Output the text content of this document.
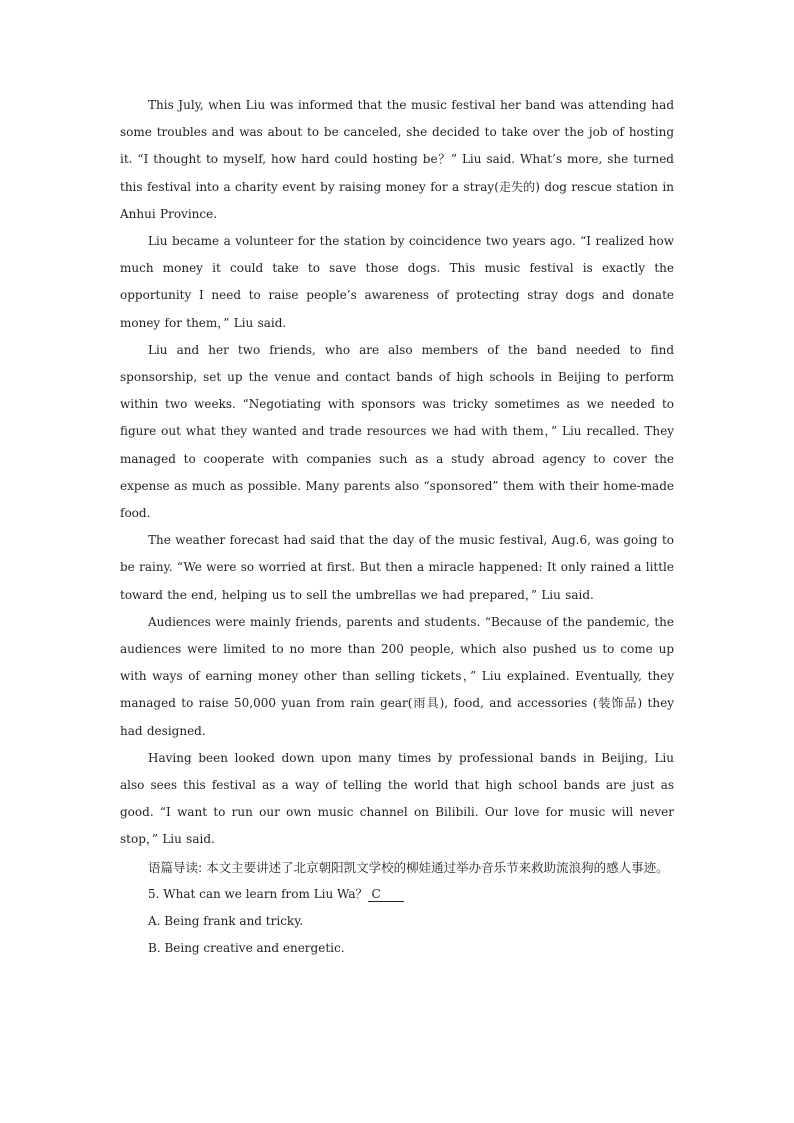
This July, when Liu was informed that the music festival her band was attending had some troubles and was about to be canceled, she decided to take over the job of hosting it. “I thought to myself, how hard could hosting be？” Liu said. What’s more, she turned this festival into a charity event by raising money for a stray(走失的) dog rescue station in Anhui Province.

Liu became a volunteer for the station by coincidence two years ago. “I realized how much money it could take to save those dogs. This music festival is exactly the opportunity I need to raise people’s awareness of protecting stray dogs and donate money for them，” Liu said.

Liu and her two friends, who are also members of the band needed to find sponsorship, set up the venue and contact bands of high schools in Beijing to perform within two weeks. “Negotiating with sponsors was tricky sometimes as we needed to figure out what they wanted and trade resources we had with them，” Liu recalled. They managed to cooperate with companies such as a study abroad agency to cover the expense as much as possible. Many parents also “sponsored” them with their home-made food.

The weather forecast had said that the day of the music festival, Aug.6, was going to be rainy. “We were so worried at first. But then a miracle happened: It only rained a little toward the end, helping us to sell the umbrellas we had prepared，” Liu said.

Audiences were mainly friends, parents and students. “Because of the pandemic, the audiences were limited to no more than 200 people, which also pushed us to come up with ways of earning money other than selling tickets，” Liu explained. Eventually, they managed to raise 50,000 yuan from rain gear(雨具), food, and accessories (装饰品) they had designed.

Having been looked down upon many times by professional bands in Beijing, Liu also sees this festival as a way of telling the world that high school bands are just as good. “I want to run our own music channel on Bilibili. Our love for music will never stop，” Liu said.

语篇导读: 本文主要讲述了北京朝阳凯文学校的柳娃通过举办音乐节来救助流浪狗的感人事迹。

5. What can we learn from Liu Wa？ C

A. Being frank and tricky.

B. Being creative and energetic.
